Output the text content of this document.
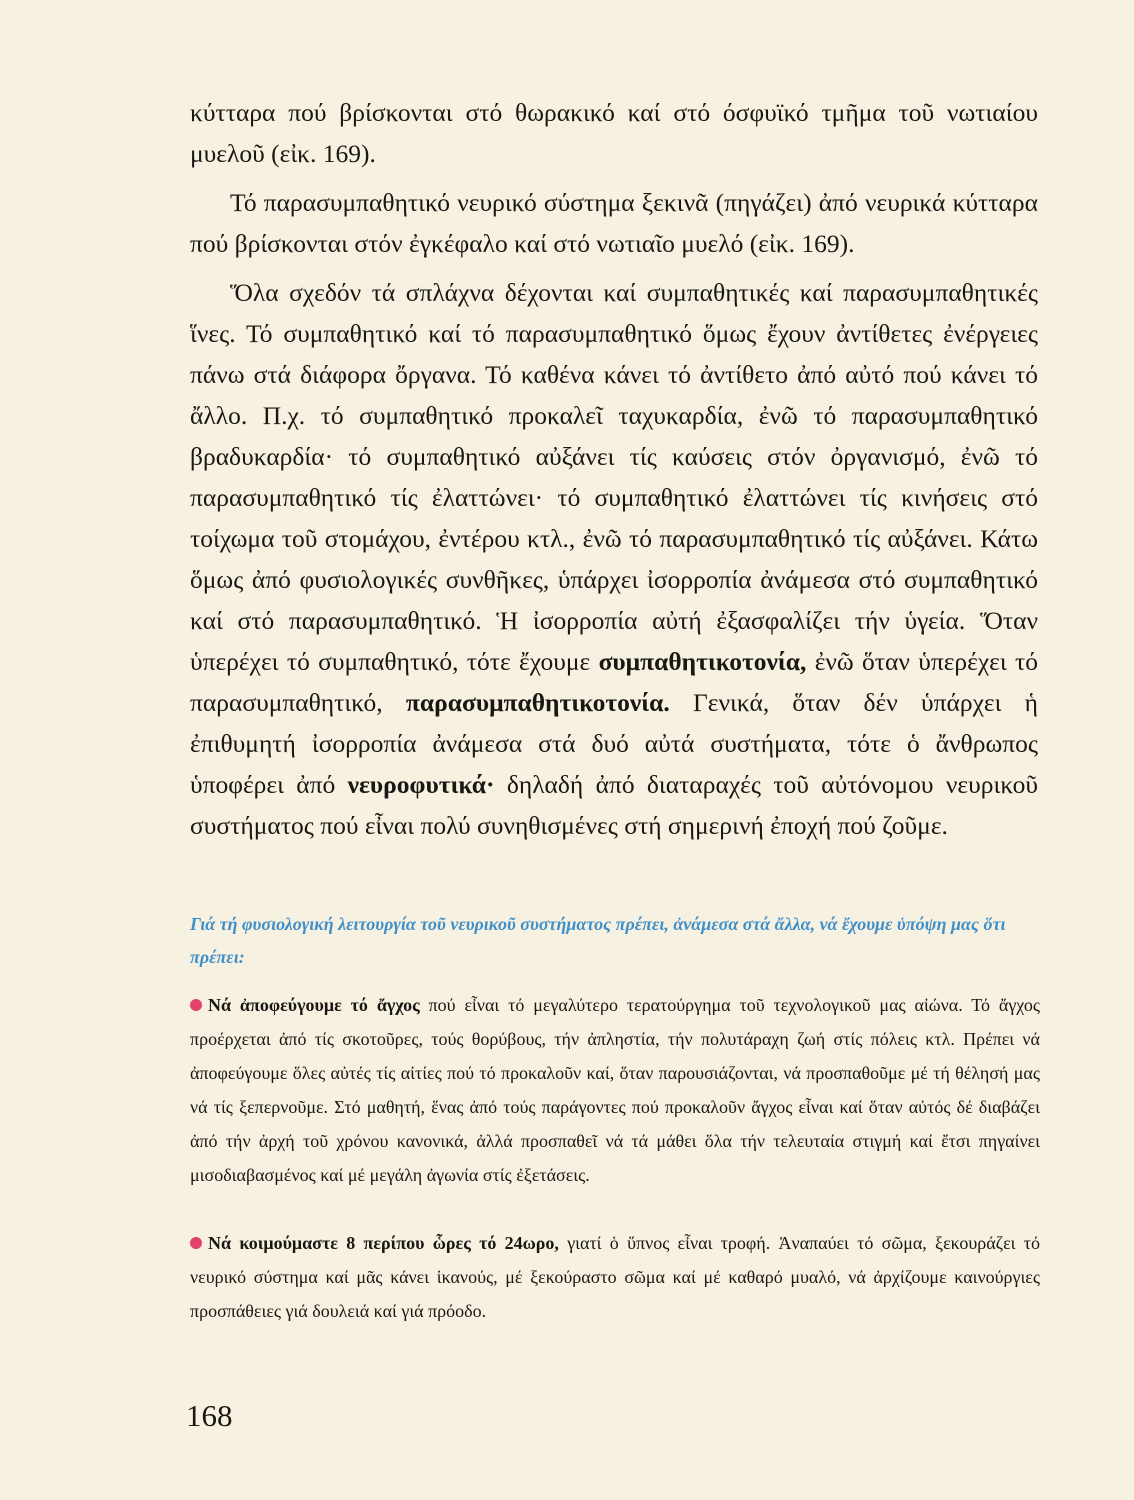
κύτταρα πού βρίσκονται στό θωρακικό καί στό όσφυϊκό τμῆμα τοῦ νωτιαίου μυελοῦ (εἰκ. 169).

Τό παρασυμπαθητικό νευρικό σύστημα ξεκινᾶ (πηγάζει) ἀπό νευρικά κύτταρα πού βρίσκονται στόν ἐγκέφαλο καί στό νωτιαῖο μυελό (εἰκ. 169).

Ὅλα σχεδόν τά σπλάχνα δέχονται καί συμπαθητικές καί παρασυμπαθητικές ἵνες. Τό συμπαθητικό καί τό παρασυμπαθητικό ὅμως ἔχουν ἀντίθετες ἐνέργειες πάνω στά διάφορα ὄργανα. Τό καθένα κάνει τό ἀντίθετο ἀπό αὐτό πού κάνει τό ἄλλο. Π.χ. τό συμπαθητικό προκαλεῖ ταχυκαρδία, ἐνῶ τό παρασυμπαθητικό βραδυκαρδία· τό συμπαθητικό αὐξάνει τίς καύσεις στόν ὀργανισμό, ἐνῶ τό παρασυμπαθητικό τίς ἐλαττώνει· τό συμπαθητικό ἐλαττώνει τίς κινήσεις στό τοίχωμα τοῦ στομάχου, ἐντέρου κτλ., ἐνῶ τό παρασυμπαθητικό τίς αὐξάνει. Κάτω ὅμως ἀπό φυσιολογικές συνθῆκες, ὑπάρχει ἰσορροπία ἀνάμεσα στό συμπαθητικό καί στό παρασυμπαθητικό. Ἡ ἰσορροπία αὐτή ἐξασφαλίζει τήν ὑγεία. Ὅταν ὑπερέχει τό συμπαθητικό, τότε ἔχουμε συμπαθητικοτονία, ἐνῶ ὅταν ὑπερέχει τό παρασυμπαθητικό, παρασυμπαθητικοτονία. Γενικά, ὅταν δέν ὑπάρχει ἡ ἐπιθυμητή ἰσορροπία ἀνάμεσα στά δυό αὐτά συστήματα, τότε ὁ ἄνθρωπος ὑποφέρει ἀπό νευροφυτικά· δηλαδή ἀπό διαταραχές τοῦ αὐτόνομου νευρικοῦ συστήματος πού εἶναι πολύ συνηθισμένες στή σημερινή ἐποχή πού ζοῦμε.

Γιά τή φυσιολογική λειτουργία τοῦ νευρικοῦ συστήματος πρέπει, ἀνάμεσα στά ἄλλα, νά ἔχουμε ὑπόψη μας ὅτι πρέπει:
Νά ἀποφεύγουμε τό ἄγχος πού εἶναι τό μεγαλύτερο τερατούργημα τοῦ τεχνολογικοῦ μας αἰώνα. Τό ἄγχος προέρχεται ἀπό τίς σκοτοῦρες, τούς θορύβους, τήν ἀπληστία, τήν πολυτάραχη ζωή στίς πόλεις κτλ. Πρέπει νά ἀποφεύγουμε ὅλες αὐτές τίς αἰτίες πού τό προκαλοῦν καί, ὅταν παρουσιάζονται, νά προσπαθοῦμε μέ τή θέλησή μας νά τίς ξεπερνοῦμε. Στό μαθητή, ἕνας ἀπό τούς παράγοντες πού προκαλοῦν ἄγχος εἶναι καί ὅταν αὐτός δέ διαβάζει ἀπό τήν ἀρχή τοῦ χρόνου κανονικά, ἀλλά προσπαθεῖ νά τά μάθει ὅλα τήν τελευταία στιγμή καί ἔτσι πηγαίνει μισοδιαβασμένος καί μέ μεγάλη ἀγωνία στίς ἐξετάσεις.
Νά κοιμούμαστε 8 περίπου ὧρες τό 24ωρο, γιατί ὁ ὕπνος εἶναι τροφή. Ἀναπαύει τό σῶμα, ξεκουράζει τό νευρικό σύστημα καί μᾶς κάνει ἱκανούς, μέ ξεκούραστο σῶμα καί μέ καθαρό μυαλό, νά ἀρχίζουμε καινούργιες προσπάθειες γιά δουλειά καί γιά πρόοδο.
168
